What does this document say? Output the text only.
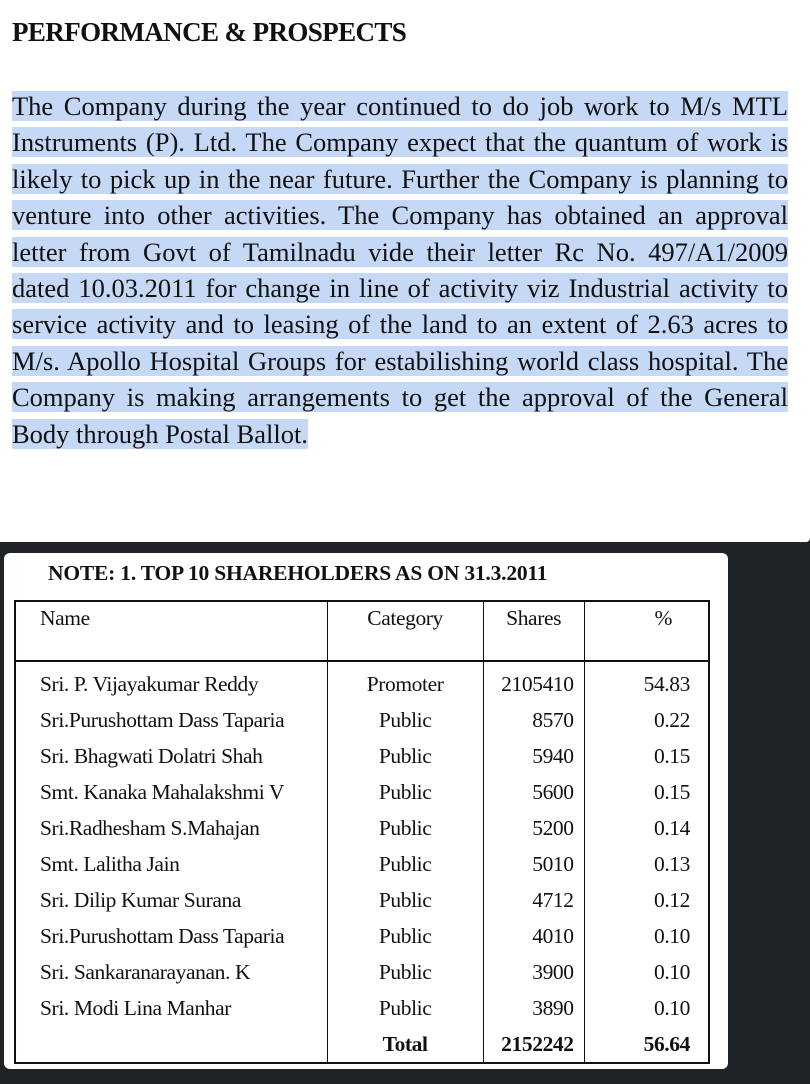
PERFORMANCE & PROSPECTS
The Company during the year continued to do job work to M/s MTL Instruments (P). Ltd. The Company expect that the quantum of work is likely to pick up in the near future. Further the Company is planning to venture into other activities. The Company has obtained an approval letter from Govt of Tamilnadu vide their letter Rc No. 497/A1/2009 dated 10.03.2011 for change in line of activity viz Industrial activity to service activity and to leasing of the land to an extent of 2.63 acres to M/s. Apollo Hospital Groups for estabilishing world class hospital. The Company is making arrangements to get the approval of the General Body through Postal Ballot.
NOTE: 1. TOP 10 SHAREHOLDERS AS ON 31.3.2011
Name	Category	Shares	%
Sri. P. Vijayakumar Reddy	Promoter	2105410	54.83
Sri.Purushottam Dass Taparia	Public	8570	0.22
Sri. Bhagwati Dolatri Shah	Public	5940	0.15
Smt. Kanaka Mahalakshmi V	Public	5600	0.15
Sri.Radhesham S.Mahajan	Public	5200	0.14
Smt. Lalitha Jain	Public	5010	0.13
Sri. Dilip Kumar Surana	Public	4712	0.12
Sri.Purushottam Dass Taparia	Public	4010	0.10
Sri. Sankaranarayanan. K	Public	3900	0.10
Sri. Modi Lina Manhar	Public	3890	0.10
	Total	2152242	56.64
